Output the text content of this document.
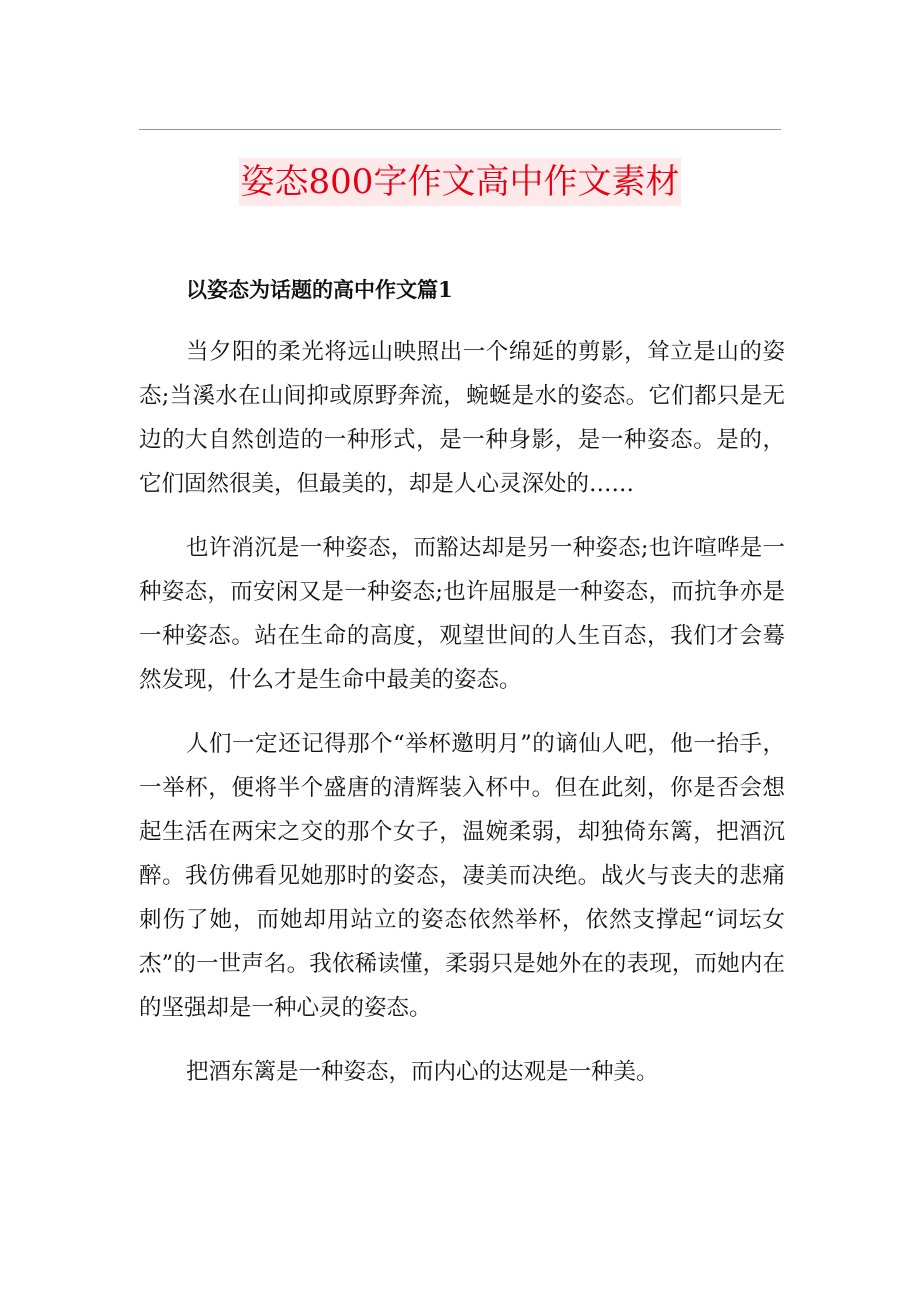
姿态800字作文高中作文素材

以姿态为话题的高中作文篇1

当夕阳的柔光将远山映照出一个绵延的剪影，耸立是山的姿态;当溪水在山间抑或原野奔流，蜿蜒是水的姿态。它们都只是无边的大自然创造的一种形式，是一种身影，是一种姿态。是的，它们固然很美，但最美的，却是人心灵深处的……

也许消沉是一种姿态，而豁达却是另一种姿态;也许喧哗是一种姿态，而安闲又是一种姿态;也许屈服是一种姿态，而抗争亦是一种姿态。站在生命的高度，观望世间的人生百态，我们才会蓦然发现，什么才是生命中最美的姿态。

人们一定还记得那个“举杯邀明月”的谪仙人吧，他一抬手，一举杯，便将半个盛唐的清辉装入杯中。但在此刻，你是否会想起生活在两宋之交的那个女子，温婉柔弱，却独倚东篱，把酒沉醉。我仿佛看见她那时的姿态，凄美而决绝。战火与丧夫的悲痛刺伤了她，而她却用站立的姿态依然举杯，依然支撑起“词坛女杰”的一世声名。我依稀读懂，柔弱只是她外在的表现，而她内在的坚强却是一种心灵的姿态。

把酒东篱是一种姿态，而内心的达观是一种美。
